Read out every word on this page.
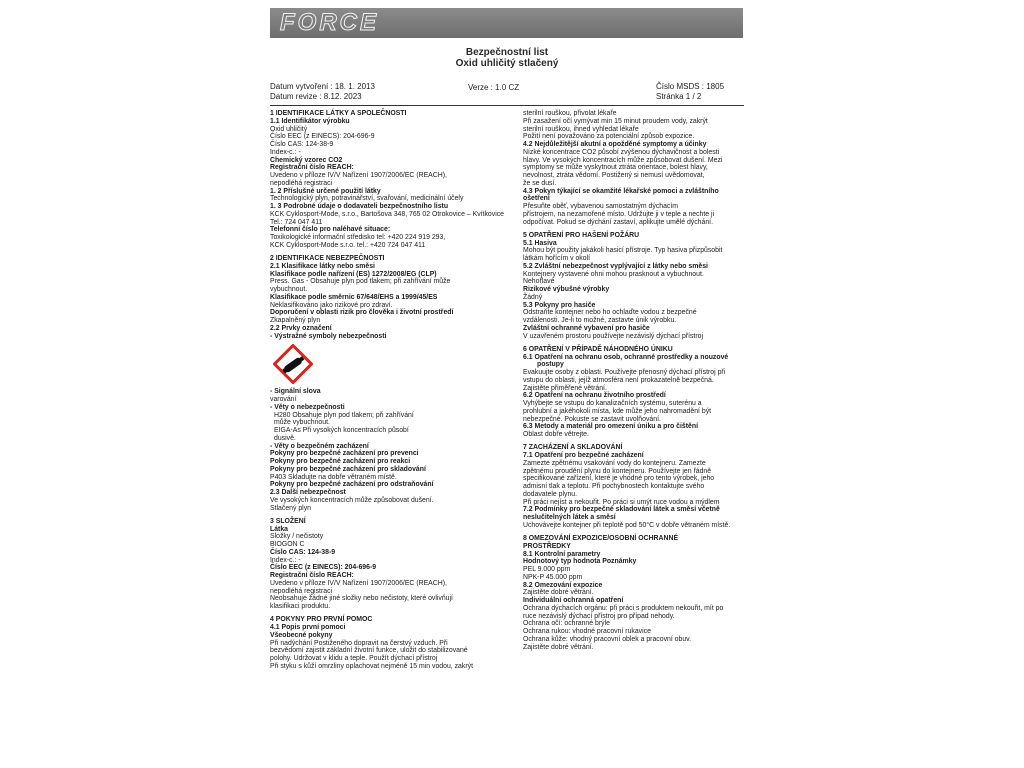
FORCE
Bezpečnostní list
Oxid uhličitý stlačený
Datum vytvoření : 18. 1. 2013
Datum revize : 8.12. 2023
Verze : 1.0 CZ	Číslo MSDS : 1805
Stránka 1 / 2

1 IDENTIFIKACE LÁTKY A SPOLEČNOSTI

1.1 Identifikátor výrobku

Oxid uhličitý

Číslo EEC (z EINECS): 204-696-9

Číslo CAS: 124-38-9

Index-c.: -

Chemický vzorec CO2

Registrační číslo REACH:

Uvedeno v příloze IV/V Nařízení 1907/2006/EC (REACH),

nepodléhá registraci

1. 2 Příslušné určené použití látky

Technologický plyn, potravinářství, svařování, medicinální účely

1. 3 Podrobné údaje o dodavateli bezpečnostního listu

KCK Cyklosport-Mode, s.r.o., Bartošova 348, 765 02 Otrokovice – Kvítkovice

Tel.: 724 047 411

Telefonní číslo pro naléhavé situace:

Toxikologické informační středisko tel: +420 224 919 293,

KCK Cyklosport-Mode s.r.o. tel.: +420 724 047 411

2 IDENTIFIKACE NEBEZPEČNOSTI

2.1 Klasifikace látky nebo směsi

Klasifikace podle nařízení (ES) 1272/2008/EG (CLP)

Press. Gas - Obsahuje plyn pod tlakem; při zahřívání může

vybuchnout.

Klasifikace podle směrnic 67/648/EHS a 1999/45/ES

Neklasifikováno jako rizikové pro zdraví.

Doporučení v oblasti rizik pro člověka i životní prostředí

Zkapalněný plyn

2.2 Prvky označení

- Výstražné symboly nebezpečnosti

- Signální slova

varování

- Věty o nebezpečnosti

H280 Obsahuje plyn pod tlakem; při zahřívání

může vybuchnout.

EIGA-As Při vysokých koncentracích působí

dusivě.

- Věty o bezpečném zacházení

Pokyny pro bezpečné zacházení pro prevenci

Pokyny pro bezpečné zacházení pro reakci

Pokyny pro bezpečné zacházení pro skladování

P403 Skladujte na dobře větraném místě.

Pokyny pro bezpečné zacházení pro odstraňování

2.3 Další nebezpečnost

Ve vysokých koncentracích může způsobovat dušení.

Stlačený plyn

3 SLOŽENÍ

Látka

Složky / nečistoty

BIOGON C

Číslo CAS: 124-38-9

Index-c.: -

Číslo EEC (z EINECS): 204-696-9

Registrační číslo REACH:

Uvedeno v příloze IV/V Nařízení 1907/2006/EC (REACH),

nepodléhá registraci

Neobsahuje žádné jiné složky nebo nečistoty, které ovlivňují

klasifikaci produktu.

4 POKYNY PRO PRVNÍ POMOC

4.1 Popis první pomoci

Všeobecné pokyny

Při nadýchání Postiženého dopravit na čerstvý vzduch. Při

bezvědomí zajistit základní životní funkce, uložit do stabilizované

polohy. Udržovat v klidu a teple. Použít dýchací přístroj

Při styku s kůží omrzliny oplachovat nejméně 15 min vodou, zakrýt

sterilní rouškou, přivolat lékaře

Při zasažení očí vymývat min 15 minut proudem vody, zakrýt

sterilní rouškou, ihned vyhledat lékaře

Požití není považováno za potenciální způsob expozice.

4.2 Nejdůležitější akutní a opožděné symptomy a účinky

Nízké koncentrace CO2 působí zvýšenou dýchavičnost a bolesti

hlavy. Ve vysokých koncentracích může způsobovat dušení. Mezi

symptomy se může vyskytnout ztráta orientace, bolest hlavy,

nevolnost, ztráta vědomí. Postižený si nemusí uvědomovat,

že se dusí.

4.3 Pokyn týkající se okamžité lékařské pomoci a zvláštního

ošetření

Přesuňte oběť, vybavenou samostatným dýchacím

přístrojem, na nezamořené místo. Udržujte ji v teple a nechte ji

odpočívat. Pokud se dýchání zastaví, aplikujte umělé dýchání.

5 OPATŘENÍ PRO HAŠENÍ POŽÁRU

5.1 Hasiva

Mohou být použity jakákoli hasicí přístroje. Typ hasiva přizpůsobit

látkám hořícím v okolí

5.2 Zvláštní nebezpečnost vyplývající z látky nebo směsi

Kontejnery vystavené ohni mohou prasknout a vybuchnout.

Nehořlavé

Rizikové výbušné výrobky

Žádný

5.3 Pokyny pro hasiče

Odstraňte kontejner nebo ho ochlaďte vodou z bezpečné

vzdálenosti. Je-li to možné, zastavte únik výrobku.

Zvláštní ochranné vybavení pro hasiče

V uzavřeném prostoru používejte nezávislý dýchací přístroj

6 OPATŘENÍ V PŘÍPADĚ NÁHODNÉHO ÚNIKU

6.1 Opatření na ochranu osob, ochranné prostředky a nouzové

postupy

Evakuujte osoby z oblasti. Používejte přenosný dýchací přístroj při

vstupu do oblasti, jejíž atmosféra není prokazatelně bezpečná.

Zajistěte přiměřené větrání.

6.2 Opatření na ochranu životního prostředí

Vyhýbejte se vstupu do kanalizačních systému, suterénu a

prohlubní a jakéhokoli místa, kde může jeho nahromadění být

nebezpečné. Pokuste se zastavit uvolňování.

6.3 Metody a materiál pro omezení úniku a pro čištění

Oblast dobře větrejte.

7 ZACHÁZENÍ A SKLADOVÁNÍ

7.1 Opatření pro bezpečné zacházení

Zamezte zpětnému vsakování vody do kontejneru. Zamezte

zpětnému proudění plynu do kontejneru. Používejte jen řádně

specifikované zařízení, které je vhodné pro tento výrobek, jeho

admisní tlak a teplotu. Při pochybnostech kontaktujte svého

dodavatele plynu.

Při práci nejíst a nekouřit. Po práci si umýt ruce vodou a mýdlem

7.2 Podmínky pro bezpečné skladování látek a směsí včetně

neslučitelných látek a směsí

Uchovávejte kontejner při teplotě pod 50°C v dobře větraném místě.

8 OMEZOVÁNÍ EXPOZICE/OSOBNÍ OCHRANNÉ

PROSTŘEDKY

8.1 Kontrolní parametry

Hodnotový typ hodnota Poznámky

PEL 9.000 ppm

NPK-P 45.000 ppm

8.2 Omezování expozice

Zajistěte dobré větrání.

Individuální ochranná opatření

Ochrana dýchacích orgánu: při práci s produktem nekouřit, mít po

ruce nezávislý dýchací přístroj pro případ nehody.

Ochrana očí: ochranné brýle

Ochrana rukou: vhodné pracovní rukavice

Ochrana kůže: vhodný pracovní oblek a pracovní obuv.

Zajistěte dobré větrání.
